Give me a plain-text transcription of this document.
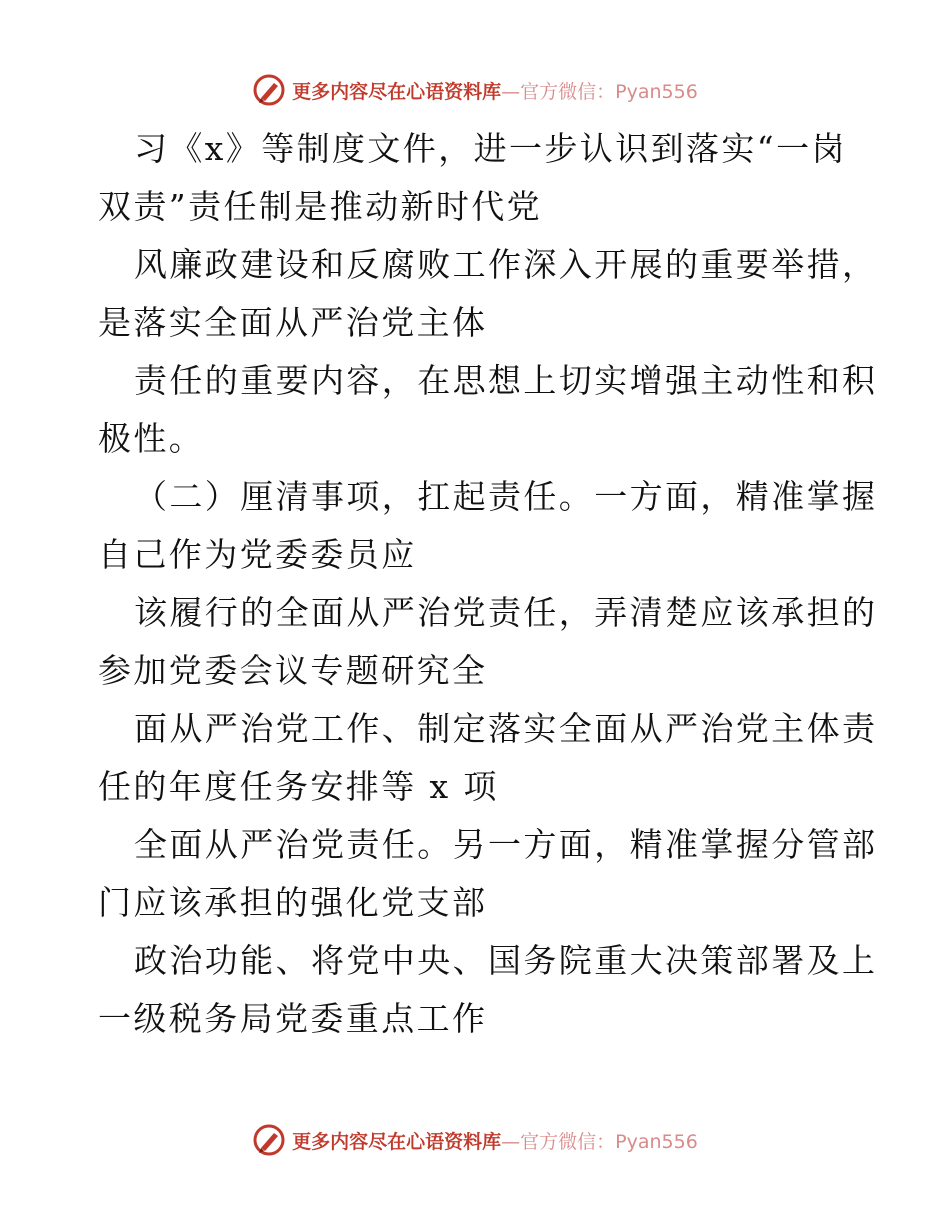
更多内容尽在心语资料库 —官方微信：Pyan556
习《x》等制度文件，进一步认识到落实“一岗
双责”责任制是推动新时代党
风廉政建设和反腐败工作深入开展的重要举措，
是落实全面从严治党主体
责任的重要内容，在思想上切实增强主动性和积
极性。
（二）厘清事项，扛起责任。一方面，精准掌握
自己作为党委委员应
该履行的全面从严治党责任，弄清楚应该承担的
参加党委会议专题研究全
面从严治党工作、制定落实全面从严治党主体责
任的年度任务安排等 x 项
全面从严治党责任。另一方面，精准掌握分管部
门应该承担的强化党支部
政治功能、将党中央、国务院重大决策部署及上
一级税务局党委重点工作
更多内容尽在心语资料库 —官方微信：Pyan556
